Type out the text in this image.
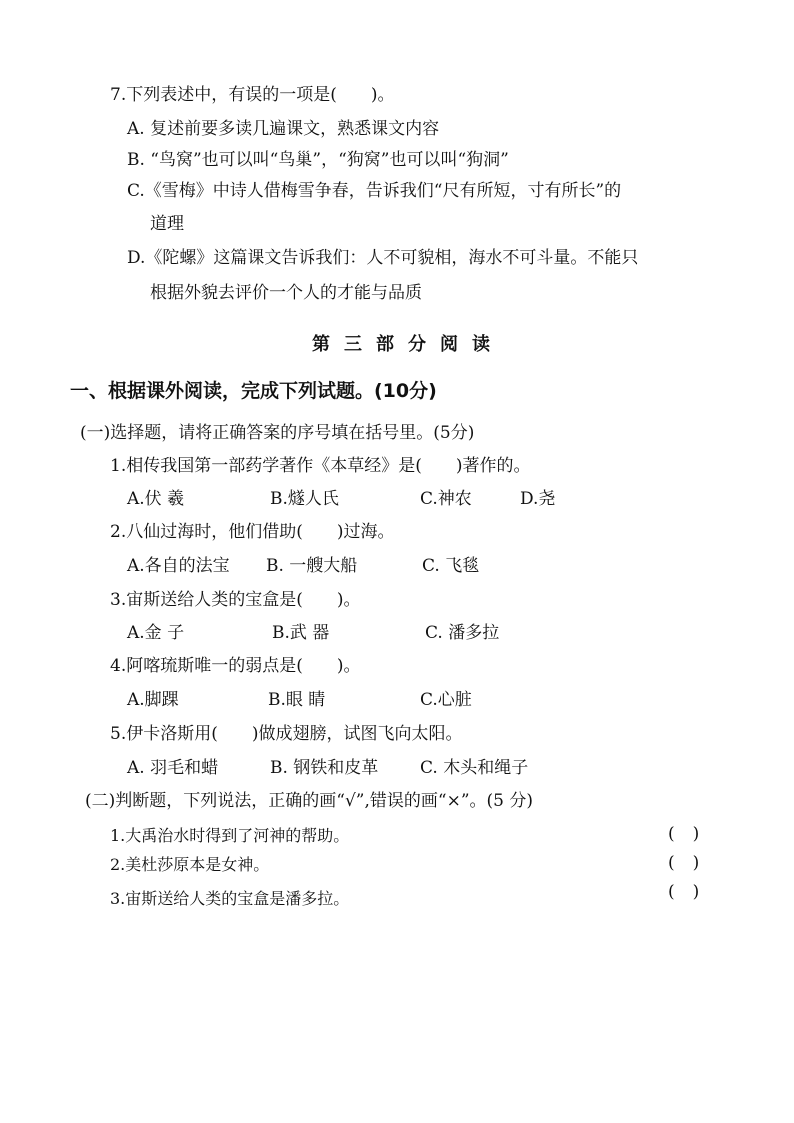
7.下列表述中，有误的一项是(　　)。
A. 复述前要多读几遍课文，熟悉课文内容
B. “鸟窝”也可以叫“鸟巢”，“狗窝”也可以叫“狗洞”
C.《雪梅》中诗人借梅雪争春，告诉我们“尺有所短，寸有所长”的
道理
D.《陀螺》这篇课文告诉我们：人不可貌相，海水不可斗量。不能只
根据外貌去评价一个人的才能与品质
第三部分阅读
一、根据课外阅读，完成下列试题。(10分)
(一)选择题，请将正确答案的序号填在括号里。(5分)
1.相传我国第一部药学著作《本草经》是(　　)著作的。
A.伏 羲	B.燧人氏	C.神农	D.尧
2.八仙过海时，他们借助(　　)过海。
A.各自的法宝 B. 一艘大船	C. 飞毯
3.宙斯送给人类的宝盒是(　　)。
A.金 子	B.武 器	C. 潘多拉
4.阿喀琉斯唯一的弱点是(　　)。
A.脚踝	B.眼 睛	C.心脏
5.伊卡洛斯用(　　)做成翅膀，试图飞向太阳。
A. 羽毛和蜡	B. 钢铁和皮革 C. 木头和绳子
(二)判断题，下列说法，正确的画“√”,错误的画“×”。(5 分)
1.大禹治水时得到了河神的帮助。	()
2.美杜莎原本是女神。	()
3.宙斯送给人类的宝盒是潘多拉。	()
